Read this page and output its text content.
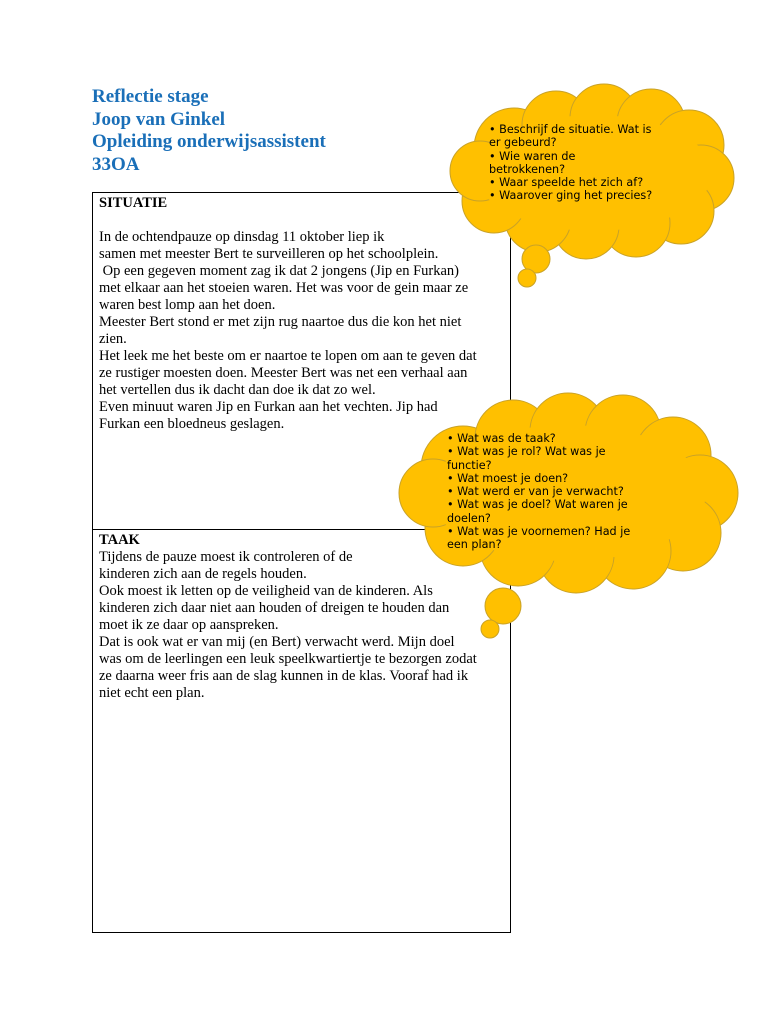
Reflectie stage
Joop van Ginkel
Opleiding onderwijsassistent
33OA
SITUATIE
In de ochtendpauze op dinsdag 11 oktober liep ik
samen met meester Bert te surveilleren op het schoolplein.
Op een gegeven moment zag ik dat 2 jongens (Jip en Furkan)
met elkaar aan het stoeien waren. Het was voor de gein maar ze
waren best lomp aan het doen.
Meester Bert stond er met zijn rug naartoe dus die kon het niet
zien.
Het leek me het beste om er naartoe te lopen om aan te geven dat
ze rustiger moesten doen. Meester Bert was net een verhaal aan
het vertellen dus ik dacht dan doe ik dat zo wel.
Even minuut waren Jip en Furkan aan het vechten. Jip had
Furkan een bloedneus geslagen.
TAAK
Tijdens de pauze moest ik controleren of de
kinderen zich aan de regels houden.
Ook moest ik letten op de veiligheid van de kinderen. Als
kinderen zich daar niet aan houden of dreigen te houden dan
moet ik ze daar op aanspreken.
Dat is ook wat er van mij (en Bert) verwacht werd. Mijn doel
was om de leerlingen een leuk speelkwartiertje te bezorgen zodat
ze daarna weer fris aan de slag kunnen in de klas. Vooraf had ik
niet echt een plan.
• Beschrijf de situatie. Wat is
er gebeurd?
• Wie waren de
betrokkenen?
• Waar speelde het zich af?
• Waarover ging het precies?
• Wat was de taak?
• Wat was je rol? Wat was je
functie?
• Wat moest je doen?
• Wat werd er van je verwacht?
• Wat was je doel? Wat waren je
doelen?
• Wat was je voornemen? Had je
een plan?
